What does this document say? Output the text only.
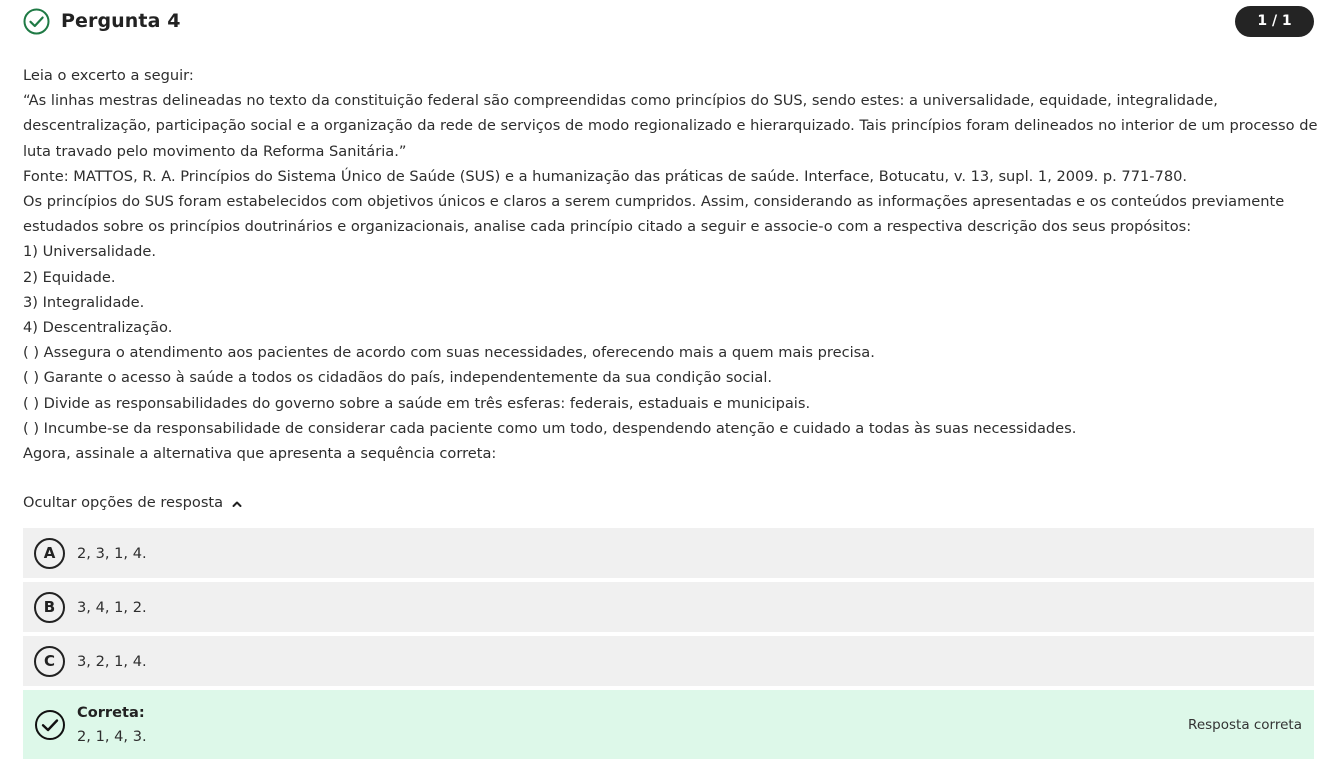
Pergunta 4	1 / 1

Leia o excerto a seguir:

“As linhas mestras delineadas no texto da constituição federal são compreendidas como princípios do SUS, sendo estes: a universalidade, equidade, integralidade, descentralização, participação social e a organização da rede de serviços de modo regionalizado e hierarquizado. Tais princípios foram delineados no interior de um processo de luta travado pelo movimento da Reforma Sanitária.”

Fonte: MATTOS, R. A. Princípios do Sistema Único de Saúde (SUS) e a humanização das práticas de saúde. Interface, Botucatu, v. 13, supl. 1, 2009. p. 771-780.

Os princípios do SUS foram estabelecidos com objetivos únicos e claros a serem cumpridos. Assim, considerando as informações apresentadas e os conteúdos previamente estudados sobre os princípios doutrinários e organizacionais, analise cada princípio citado a seguir e associe-o com a respectiva descrição dos seus propósitos:

1) Universalidade.

2) Equidade.

3) Integralidade.

4) Descentralização.

( ) Assegura o atendimento aos pacientes de acordo com suas necessidades, oferecendo mais a quem mais precisa.

( ) Garante o acesso à saúde a todos os cidadãos do país, independentemente da sua condição social.

( ) Divide as responsabilidades do governo sobre a saúde em três esferas: federais, estaduais e municipais.

( ) Incumbe-se da responsabilidade de considerar cada paciente como um todo, despendendo atenção e cuidado a todas às suas necessidades.

Agora, assinale a alternativa que apresenta a sequência correta:

Ocultar opções de resposta
A	2, 3, 1, 4.
B	3, 4, 1, 2.
C	3, 2, 1, 4.
Correta:
2, 1, 4, 3.
Resposta correta
